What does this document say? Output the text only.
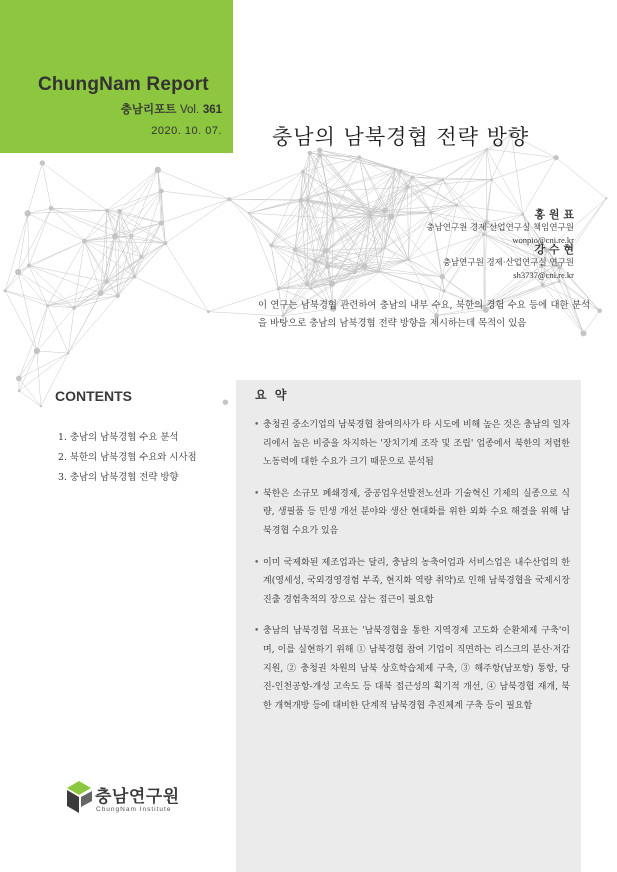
ChungNam Report
충남리포트 Vol. 361
2020. 10. 07. 충남의 남북경협 전략 방향
홍 원 표
충남연구원 경제·산업연구실 책임연구원
wonpio@cni.re.kr
강 수 현
충남연구원 경제·산업연구실 연구원
sh3737@cni.re.kr
이 연구는 남북경협 관련하여 충남의 내부 수요, 북한의 경험 수요 등에 대한 분석을 바탕으로 충남의 남북경협 전략 방향을 제시하는데 목적이 있음
CONTENTS
1. 충남의 남북경협 수요 분석
2. 북한의 남북경협 수요와 시사점
3. 충남의 남북경협 전략 방향
요 약
• 충청권 중소기업의 남북경협 참여의사가 타 시도에 비해 높은 것은 충남의 일자리에서 높은 비중을 차지하는 '장치기계 조작 및 조립' 업종에서 북한의 저렴한 노동력에 대한 수요가 크기 때문으로 분석됨
• 북한은 소규모 폐쇄경제, 중공업우선발전노선과 기술혁신 기제의 실종으로 식량, 생필품 등 민생 개선 분야와 생산 현대화를 위한 외화 수요 해결을 위해 남북경협 수요가 있음
• 이미 국제화된 제조업과는 달리, 충남의 농축어업과 서비스업은 내수산업의 한계(영세성, 국외경영경험 부족, 현지화 역량 취약)로 인해 남북경협을 국제시장진출 경험축적의 장으로 삼는 접근이 필요함
• 충남의 남북경협 목표는 '남북경협을 통한 지역경제 고도화 순환체제 구축'이며, 이를 실현하기 위해 ① 남북경협 참여 기업이 직면하는 리스크의 분산·저감 지원, ② 충청권 차원의 남북 상호학습체제 구축, ③ 해주항(남포항) 통항, 당진-인천공항-개성 고속도 등 대북 접근성의 획기적 개선, ④ 남북경협 재개, 북한 개혁개방 등에 대비한 단계적 남북경협 추진체계 구축 등이 필요함
충남연구원
ChungNam Institute
